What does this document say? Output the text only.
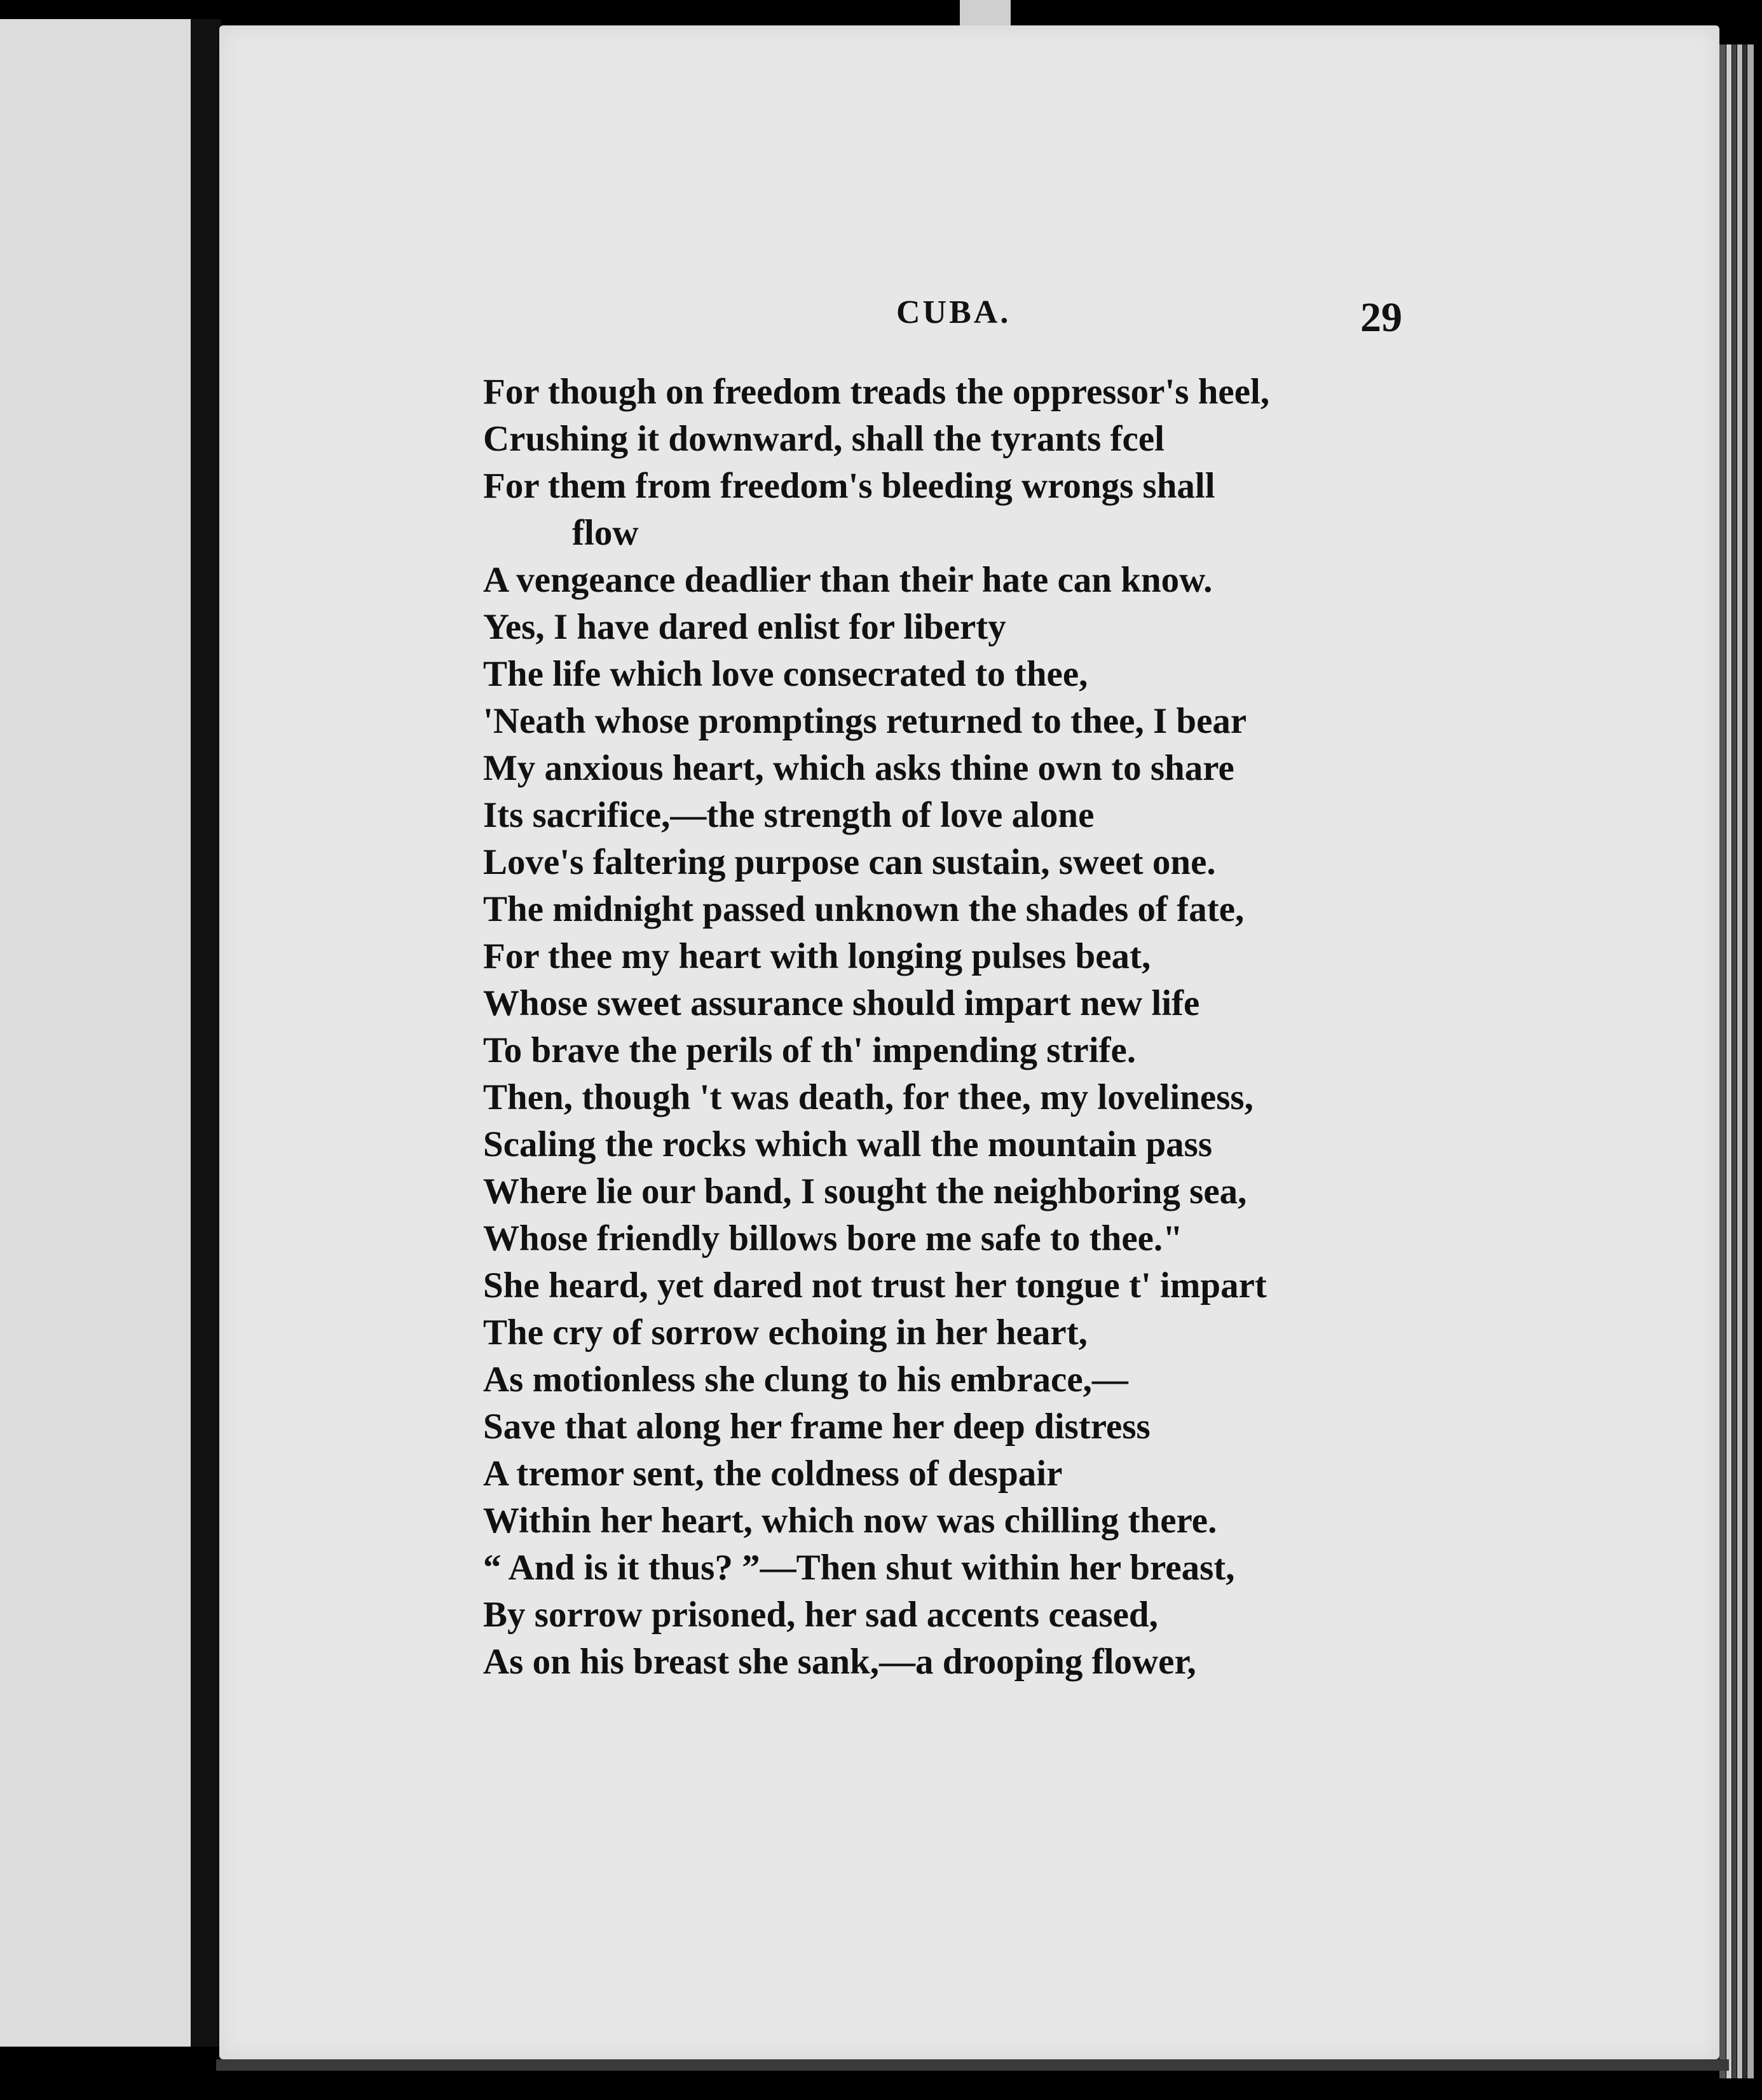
CUBA.	29
For though on freedom treads the oppressor's heel,
Crushing it downward, shall the tyrants fcel
For them from freedom's bleeding wrongs shall
flow
A vengeance deadlier than their hate can know.
Yes, I have dared enlist for liberty
The life which love consecrated to thee,
'Neath whose promptings returned to thee, I bear
My anxious heart, which asks thine own to share
Its sacrifice,—the strength of love alone
Love's faltering purpose can sustain, sweet one.
The midnight passed unknown the shades of fate,
For thee my heart with longing pulses beat,
Whose sweet assurance should impart new life
To brave the perils of th' impending strife.
Then, though 't was death, for thee, my loveliness,
Scaling the rocks which wall the mountain pass
Where lie our band, I sought the neighboring sea,
Whose friendly billows bore me safe to thee."
She heard, yet dared not trust her tongue t' impart
The cry of sorrow echoing in her heart,
As motionless she clung to his embrace,—
Save that along her frame her deep distress
A tremor sent, the coldness of despair
Within her heart, which now was chilling there.
“ And is it thus? ”—Then shut within her breast,
By sorrow prisoned, her sad accents ceased,
As on his breast she sank,—a drooping flower,
